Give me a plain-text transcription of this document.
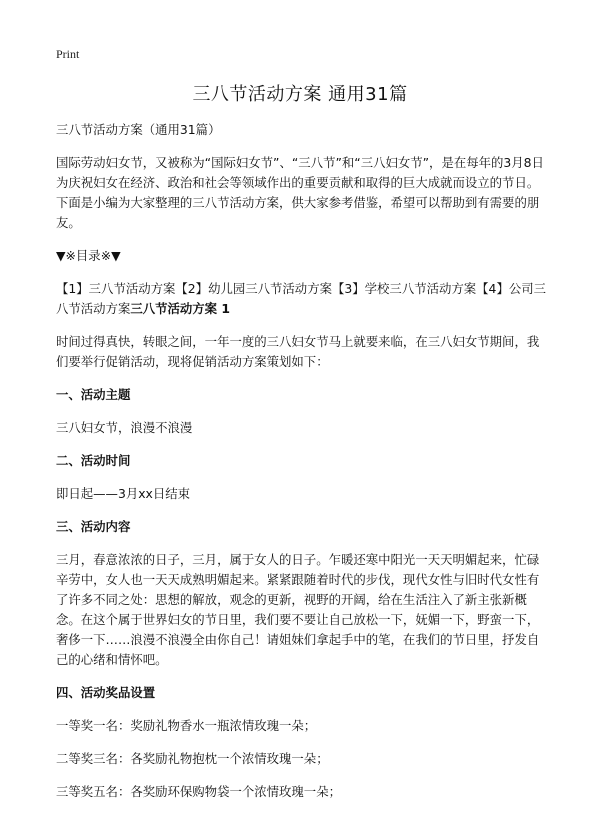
Print
三八节活动方案 通用31篇

三八节活动方案（通用31篇）

国际劳动妇女节，又被称为“国际妇女节”、“三八节”和“三八妇女节”，是在每年的3月8日为庆祝妇女在经济、政治和社会等领域作出的重要贡献和取得的巨大成就而设立的节日。下面是小编为大家整理的三八节活动方案，供大家参考借鉴，希望可以帮助到有需要的朋友。

▼※目录※▼

【1】三八节活动方案【2】幼儿园三八节活动方案【3】学校三八节活动方案【4】公司三八节活动方案三八节活动方案 1

时间过得真快，转眼之间，一年一度的三八妇女节马上就要来临，在三八妇女节期间，我们要举行促销活动，现将促销活动方案策划如下：

一、活动主题

三八妇女节，浪漫不浪漫

二、活动时间

即日起——3月xx日结束

三、活动内容

三月，春意浓浓的日子，三月，属于女人的日子。乍暖还寒中阳光一天天明媚起来，忙碌辛劳中，女人也一天天成熟明媚起来。紧紧跟随着时代的步伐，现代女性与旧时代女性有了许多不同之处：思想的解放，观念的更新，视野的开阔，给在生活注入了新主张新概念。在这个属于世界妇女的节日里，我们要不要让自己放松一下，妩媚一下，野蛮一下，奢侈一下……浪漫不浪漫全由你自己！请姐妹们拿起手中的笔，在我们的节日里，抒发自己的心绪和情怀吧。

四、活动奖品设置

一等奖一名：奖励礼物香水一瓶浓情玫瑰一朵；

二等奖三名：各奖励礼物抱枕一个浓情玫瑰一朵；

三等奖五名：各奖励环保购物袋一个浓情玫瑰一朵；
